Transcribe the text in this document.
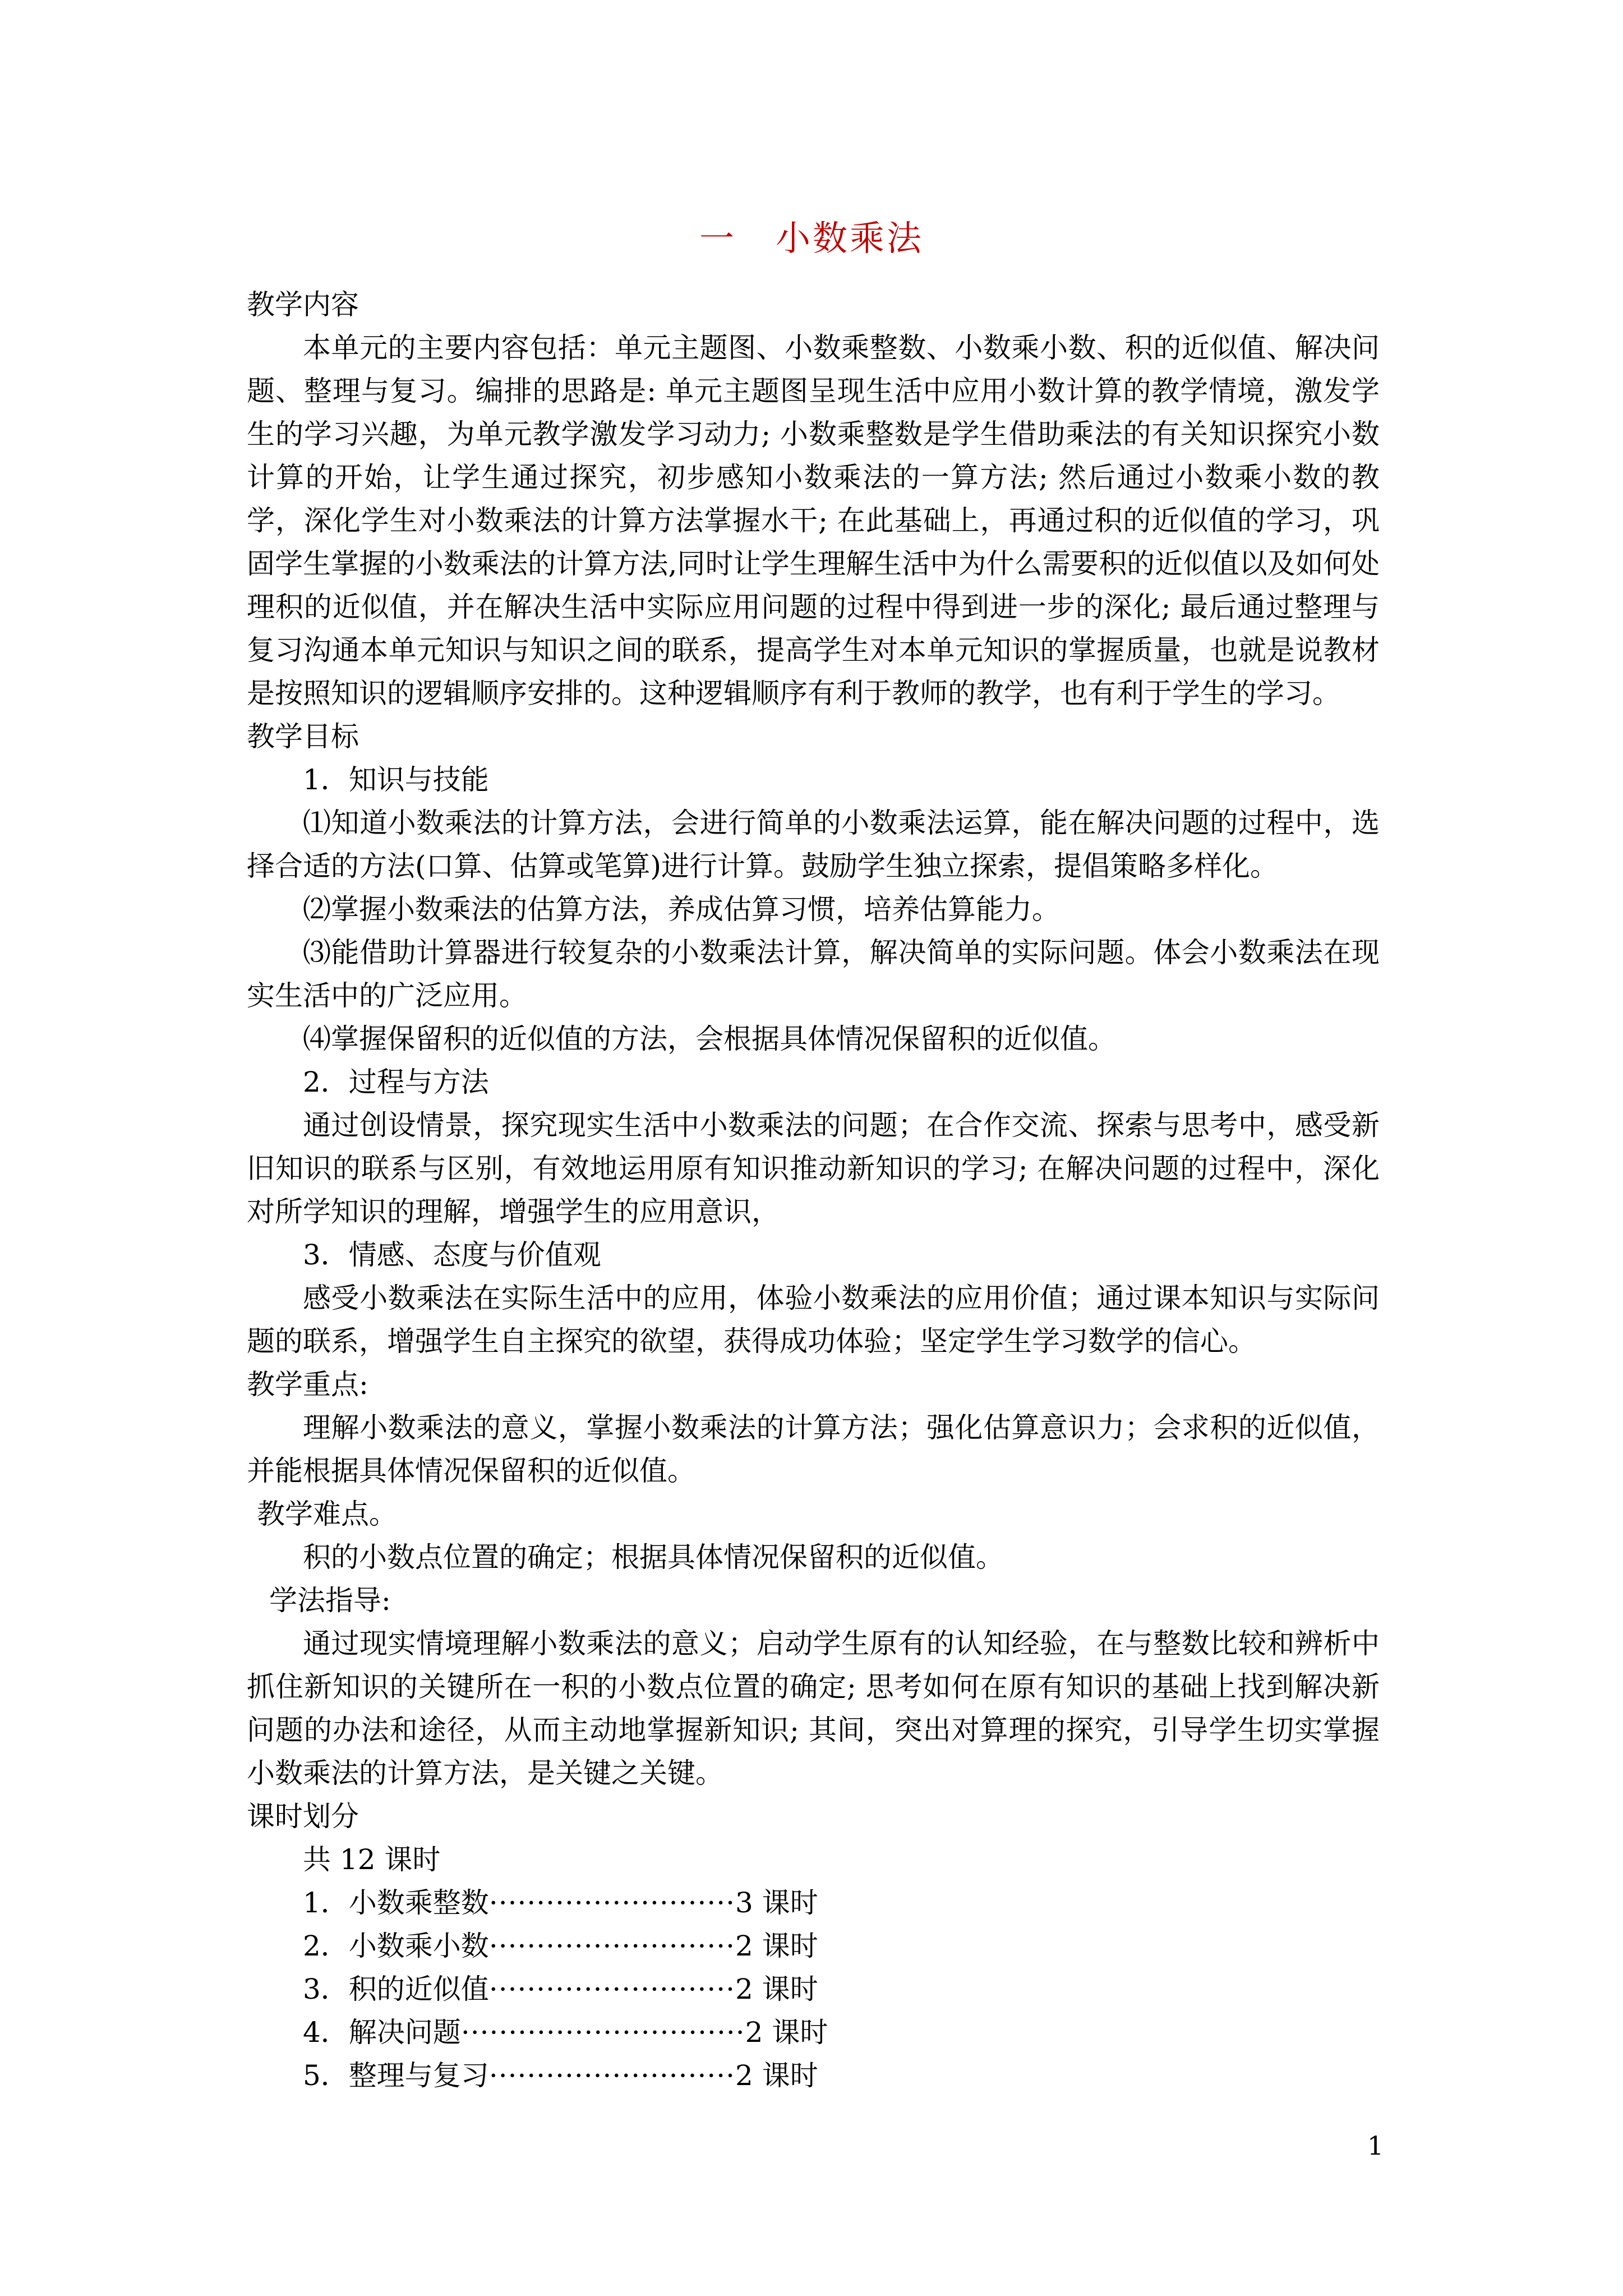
一 小数乘法

教学内容

本单元的主要内容包括：单元主题图、小数乘整数、小数乘小数、积的近似值、解决问题、整理与复习。编排的思路是: 单元主题图呈现生活中应用小数计算的教学情境，激发学生的学习兴趣，为单元教学激发学习动力; 小数乘整数是学生借助乘法的有关知识探究小数计算的开始，让学生通过探究，初步感知小数乘法的一算方法; 然后通过小数乘小数的教学，深化学生对小数乘法的计算方法掌握水干; 在此基础上，再通过积的近似值的学习，巩固学生掌握的小数乘法的计算方法,同时让学生理解生活中为什么需要积的近似值以及如何处理积的近似值，并在解决生活中实际应用问题的过程中得到进一步的深化; 最后通过整理与复习沟通本单元知识与知识之间的联系，提高学生对本单元知识的掌握质量，也就是说教材是按照知识的逻辑顺序安排的。这种逻辑顺序有利于教师的教学，也有利于学生的学习。

教学目标

1．知识与技能

⑴知道小数乘法的计算方法，会进行简单的小数乘法运算，能在解决问题的过程中，选择合适的方法(口算、估算或笔算)进行计算。鼓励学生独立探索，提倡策略多样化。

⑵掌握小数乘法的估算方法，养成估算习惯，培养估算能力。

⑶能借助计算器进行较复杂的小数乘法计算，解决简单的实际问题。体会小数乘法在现实生活中的广泛应用。

⑷掌握保留积的近似值的方法，会根据具体情况保留积的近似值。

2．过程与方法

通过创设情景，探究现实生活中小数乘法的问题；在合作交流、探索与思考中，感受新旧知识的联系与区别，有效地运用原有知识推动新知识的学习; 在解决问题的过程中，深化对所学知识的理解，增强学生的应用意识，

3．情感、态度与价值观

感受小数乘法在实际生活中的应用，体验小数乘法的应用价值；通过课本知识与实际问题的联系，增强学生自主探究的欲望，获得成功体验；坚定学生学习数学的信心。

教学重点:

理解小数乘法的意义，掌握小数乘法的计算方法；强化估算意识力；会求积的近似值，并能根据具体情况保留积的近似值。

教学难点。

积的小数点位置的确定；根据具体情况保留积的近似值。

学法指导:

通过现实情境理解小数乘法的意义；启动学生原有的认知经验，在与整数比较和辨析中抓住新知识的关键所在一积的小数点位置的确定; 思考如何在原有知识的基础上找到解决新问题的办法和途径，从而主动地掌握新知识; 其间，突出对算理的探究，引导学生切实掌握小数乘法的计算方法，是关键之关键。

课时划分

共 12 课时

1．小数乘整数··························3 课时

2．小数乘小数··························2 课时

3．积的近似值··························2 课时

4．解决问题······························2 课时

5．整理与复习··························2 课时

1
